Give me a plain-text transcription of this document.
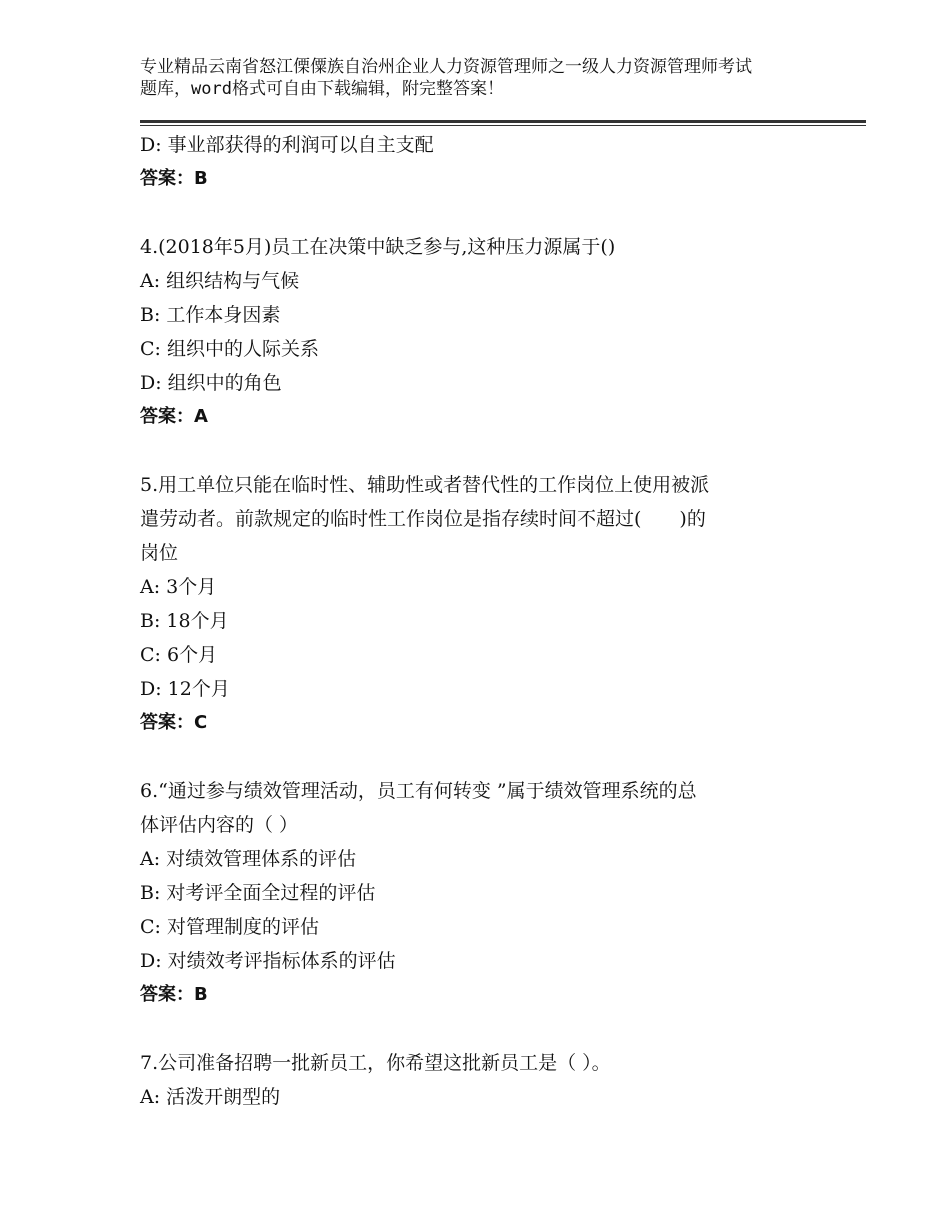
专业精品云南省怒江傈僳族自治州企业人力资源管理师之一级人力资源管理师考试
题库，word格式可自由下载编辑，附完整答案！
D: 事业部获得的利润可以自主支配
答案：B
4.(2018年5月)员工在决策中缺乏参与,这种压力源属于()
A: 组织结构与气候
B: 工作本身因素
C: 组织中的人际关系
D: 组织中的角色
答案：A
5.用工单位只能在临时性、辅助性或者替代性的工作岗位上使用被派
遣劳动者。前款规定的临时性工作岗位是指存续时间不超过(　　)的
岗位
A: 3个月
B: 18个月
C: 6个月
D: 12个月
答案：C
6.“通过参与绩效管理活动，员工有何转变 ”属于绩效管理系统的总
体评估内容的（ ）
A: 对绩效管理体系的评估
B: 对考评全面全过程的评估
C: 对管理制度的评估
D: 对绩效考评指标体系的评估
答案：B
7.公司准备招聘一批新员工，你希望这批新员工是（ ）。
A: 活泼开朗型的
